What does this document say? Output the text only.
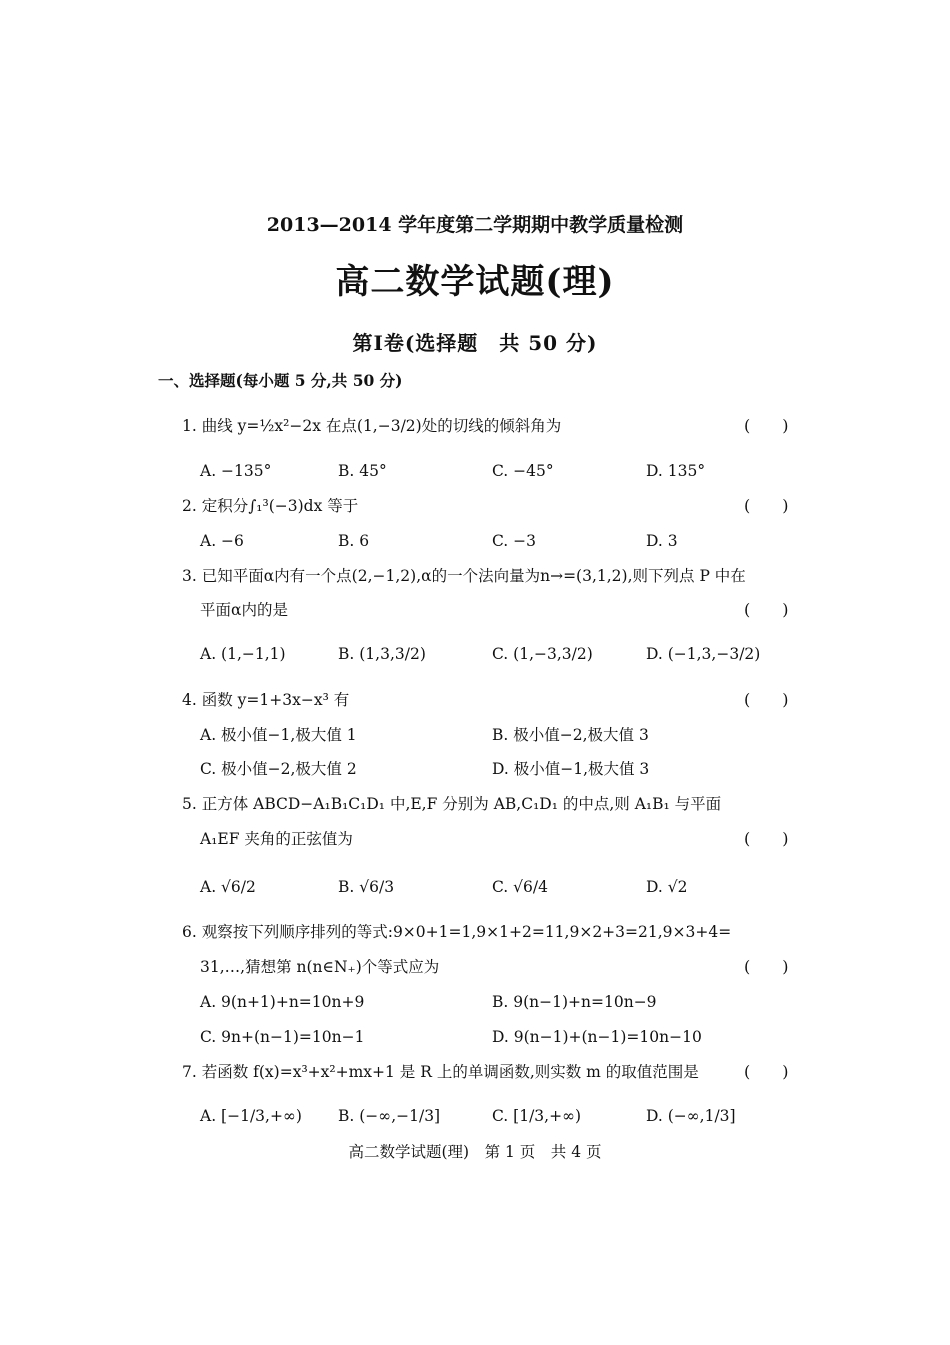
2013—2014 学年度第二学期期中教学质量检测
高二数学试题(理)
第Ⅰ卷(选择题　共 50 分)
一、选择题(每小题 5 分,共 50 分)
1. 曲线 y=½x²−2x 在点(1,−3/2)处的切线的倾斜角为	(　　)
A. −135°	B. 45°	C. −45°	D. 135°
2. 定积分∫₁³(−3)dx 等于	(　　)
A. −6	B. 6	C. −3	D. 3
3. 已知平面α内有一个点(2,−1,2),α的一个法向量为n→=(3,1,2),则下列点 P 中在
平面α内的是	(　　)
A. (1,−1,1)	B. (1,3,3/2)	C. (1,−3,3/2)	D. (−1,3,−3/2)
4. 函数 y=1+3x−x³ 有	(　　)
A. 极小值−1,极大值 1	B. 极小值−2,极大值 3
C. 极小值−2,极大值 2	D. 极小值−1,极大值 3
5. 正方体 ABCD−A₁B₁C₁D₁ 中,E,F 分别为 AB,C₁D₁ 的中点,则 A₁B₁ 与平面
A₁EF 夹角的正弦值为	(　　)
A. √6/2	B. √6/3	C. √6/4	D. √2
6. 观察按下列顺序排列的等式:9×0+1=1,9×1+2=11,9×2+3=21,9×3+4=
31,…,猜想第 n(n∈N₊)个等式应为	(　　)
A. 9(n+1)+n=10n+9	B. 9(n−1)+n=10n−9
C. 9n+(n−1)=10n−1	D. 9(n−1)+(n−1)=10n−10
7. 若函数 f(x)=x³+x²+mx+1 是 R 上的单调函数,则实数 m 的取值范围是	(　　)
A. [−1/3,+∞) B. (−∞,−1/3]	C. [1/3,+∞)	D. (−∞,1/3]
高二数学试题(理)　第 1 页　共 4 页
